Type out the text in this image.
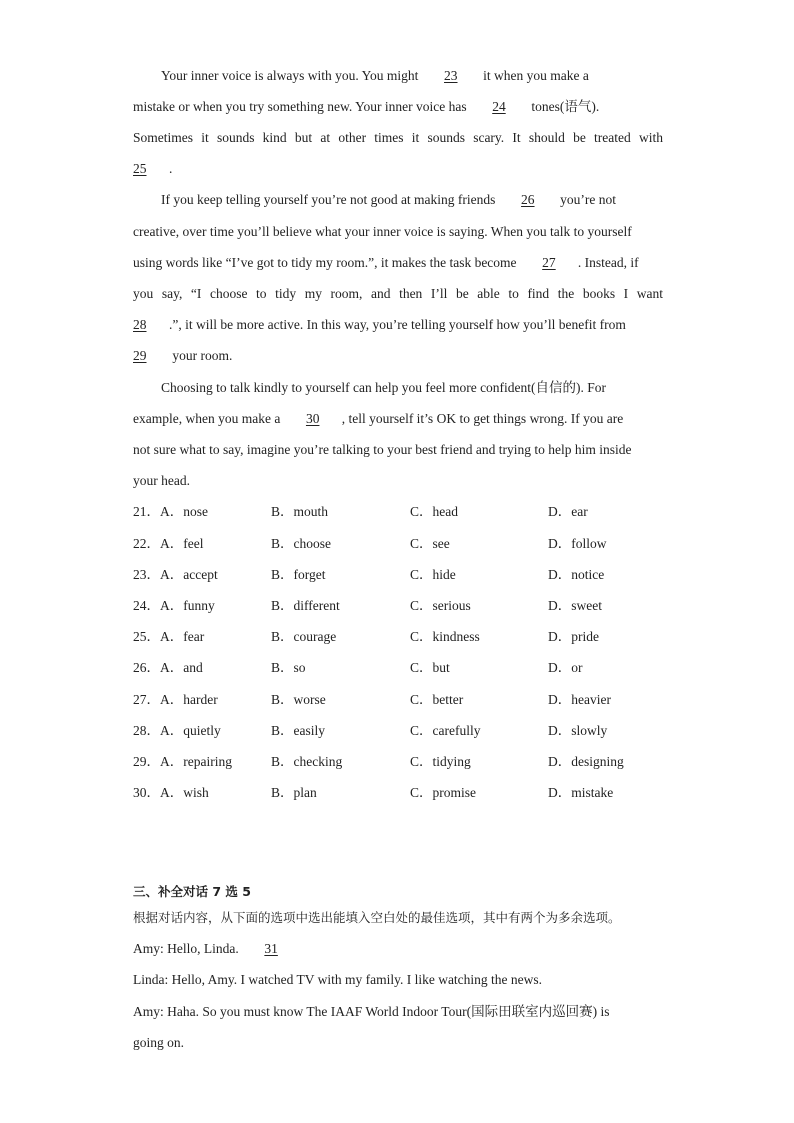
Your inner voice is always with you. You might 23 it when you make a
mistake or when you try something new. Your inner voice has 24 tones(语气).
Sometimes it sounds kind but at other times it sounds scary. It should be treated with
25 .
If you keep telling yourself you’re not good at making friends 26 you’re not
creative, over time you’ll believe what your inner voice is saying. When you talk to yourself
using words like “I’ve got to tidy my room.”, it makes the task become 27 . Instead, if
you say, “I choose to tidy my room, and then I’ll be able to find the books I want
28 .”, it will be more active. In this way, you’re telling yourself how you’ll benefit from
29 your room.
Choosing to talk kindly to yourself can help you feel more confident(自信的). For
example, when you make a 30 , tell yourself it’s OK to get things wrong. If you are
not sure what to say, imagine you’re talking to your best friend and trying to help him inside
your head.
21．A．nose	B．mouth	C．head	D．ear
22．A．feel	B．choose	C．see	D．follow
23．A．accept	B．forget	C．hide	D．notice
24．A．funny	B．different	C．serious	D．sweet
25．A．fear	B．courage	C．kindness	D．pride
26．A．and	B．so	C．but	D．or
27．A．harder	B．worse	C．better	D．heavier
28．A．quietly	B．easily	C．carefully	D．slowly
29．A．repairing	B．checking	C．tidying	D．designing
30．A．wish	B．plan	C．promise	D．mistake
三、补全对话 7 选 5
根据对话内容，从下面的选项中选出能填入空白处的最佳选项，其中有两个为多余选项。
Amy: Hello, Linda. 31
Linda: Hello, Amy. I watched TV with my family. I like watching the news.
Amy: Haha. So you must know The IAAF World Indoor Tour(国际田联室内巡回赛) is
going on.
